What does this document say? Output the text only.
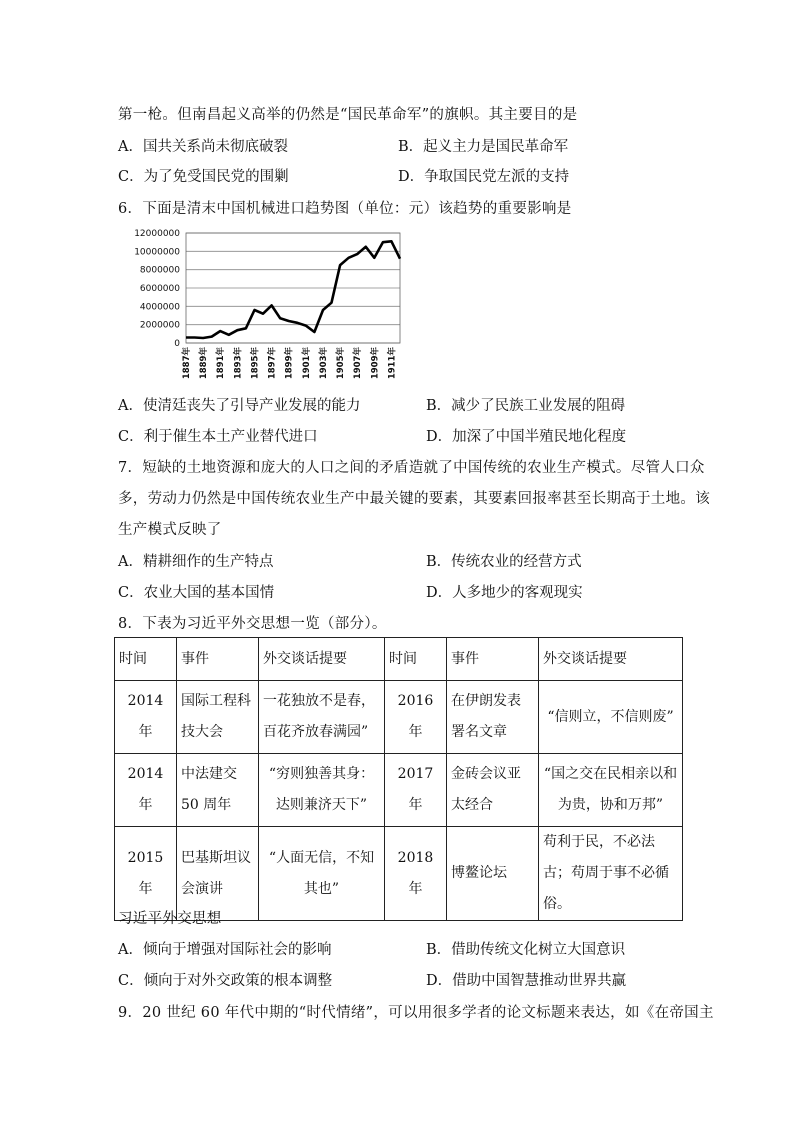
第一枪。但南昌起义高举的仍然是“国民革命军”的旗帜。其主要目的是
A．国共关系尚未彻底破裂	B．起义主力是国民革命军
C．为了免受国民党的围剿	D．争取国民党左派的支持
6．下面是清末中国机械进口趋势图（单位：元）该趋势的重要影响是
0
2000000
4000000
6000000
8000000
10000000
12000000
1887年 1889年 1891年 1893年 1895年 1897年 1899年 1901年 1903年 1905年 1907年 1909年 1911年
A．使清廷丧失了引导产业发展的能力	B．减少了民族工业发展的阻碍
C．利于催生本土产业替代进口	D．加深了中国半殖民地化程度
7．短缺的土地资源和庞大的人口之间的矛盾造就了中国传统的农业生产模式。尽管人口众
多，劳动力仍然是中国传统农业生产中最关键的要素，其要素回报率甚至长期高于土地。该
生产模式反映了
A．精耕细作的生产特点	B．传统农业的经营方式
C．农业大国的基本国情	D．人多地少的客观现实
8．下表为习近平外交思想一览（部分）。
时间	事件	外交谈话提要	时间	事件	外交谈话提要
2014 年	国际工程科技大会	一花独放不是春，百花齐放春满园”	2016 年	在伊朗发表署名文章	“信则立，不信则废”
2014 年	中法建交50 周年	“穷则独善其身：达则兼济天下”	2017 年	金砖会议亚太经合	“国之交在民相亲以和为贵，协和万邦”
2015 年	巴基斯坦议会演讲	“人面无信，不知其也”	2018 年	博鳌论坛	苟利于民，不必法古；苟周于事不必循俗。
习近平外交思想
A．倾向于增强对国际社会的影响	B．借助传统文化树立大国意识
C．倾向于对外交政策的根本调整	D．借助中国智慧推动世界共赢
9．20 世纪 60 年代中期的“时代情绪”，可以用很多学者的论文标题来表达，如《在帝国主
